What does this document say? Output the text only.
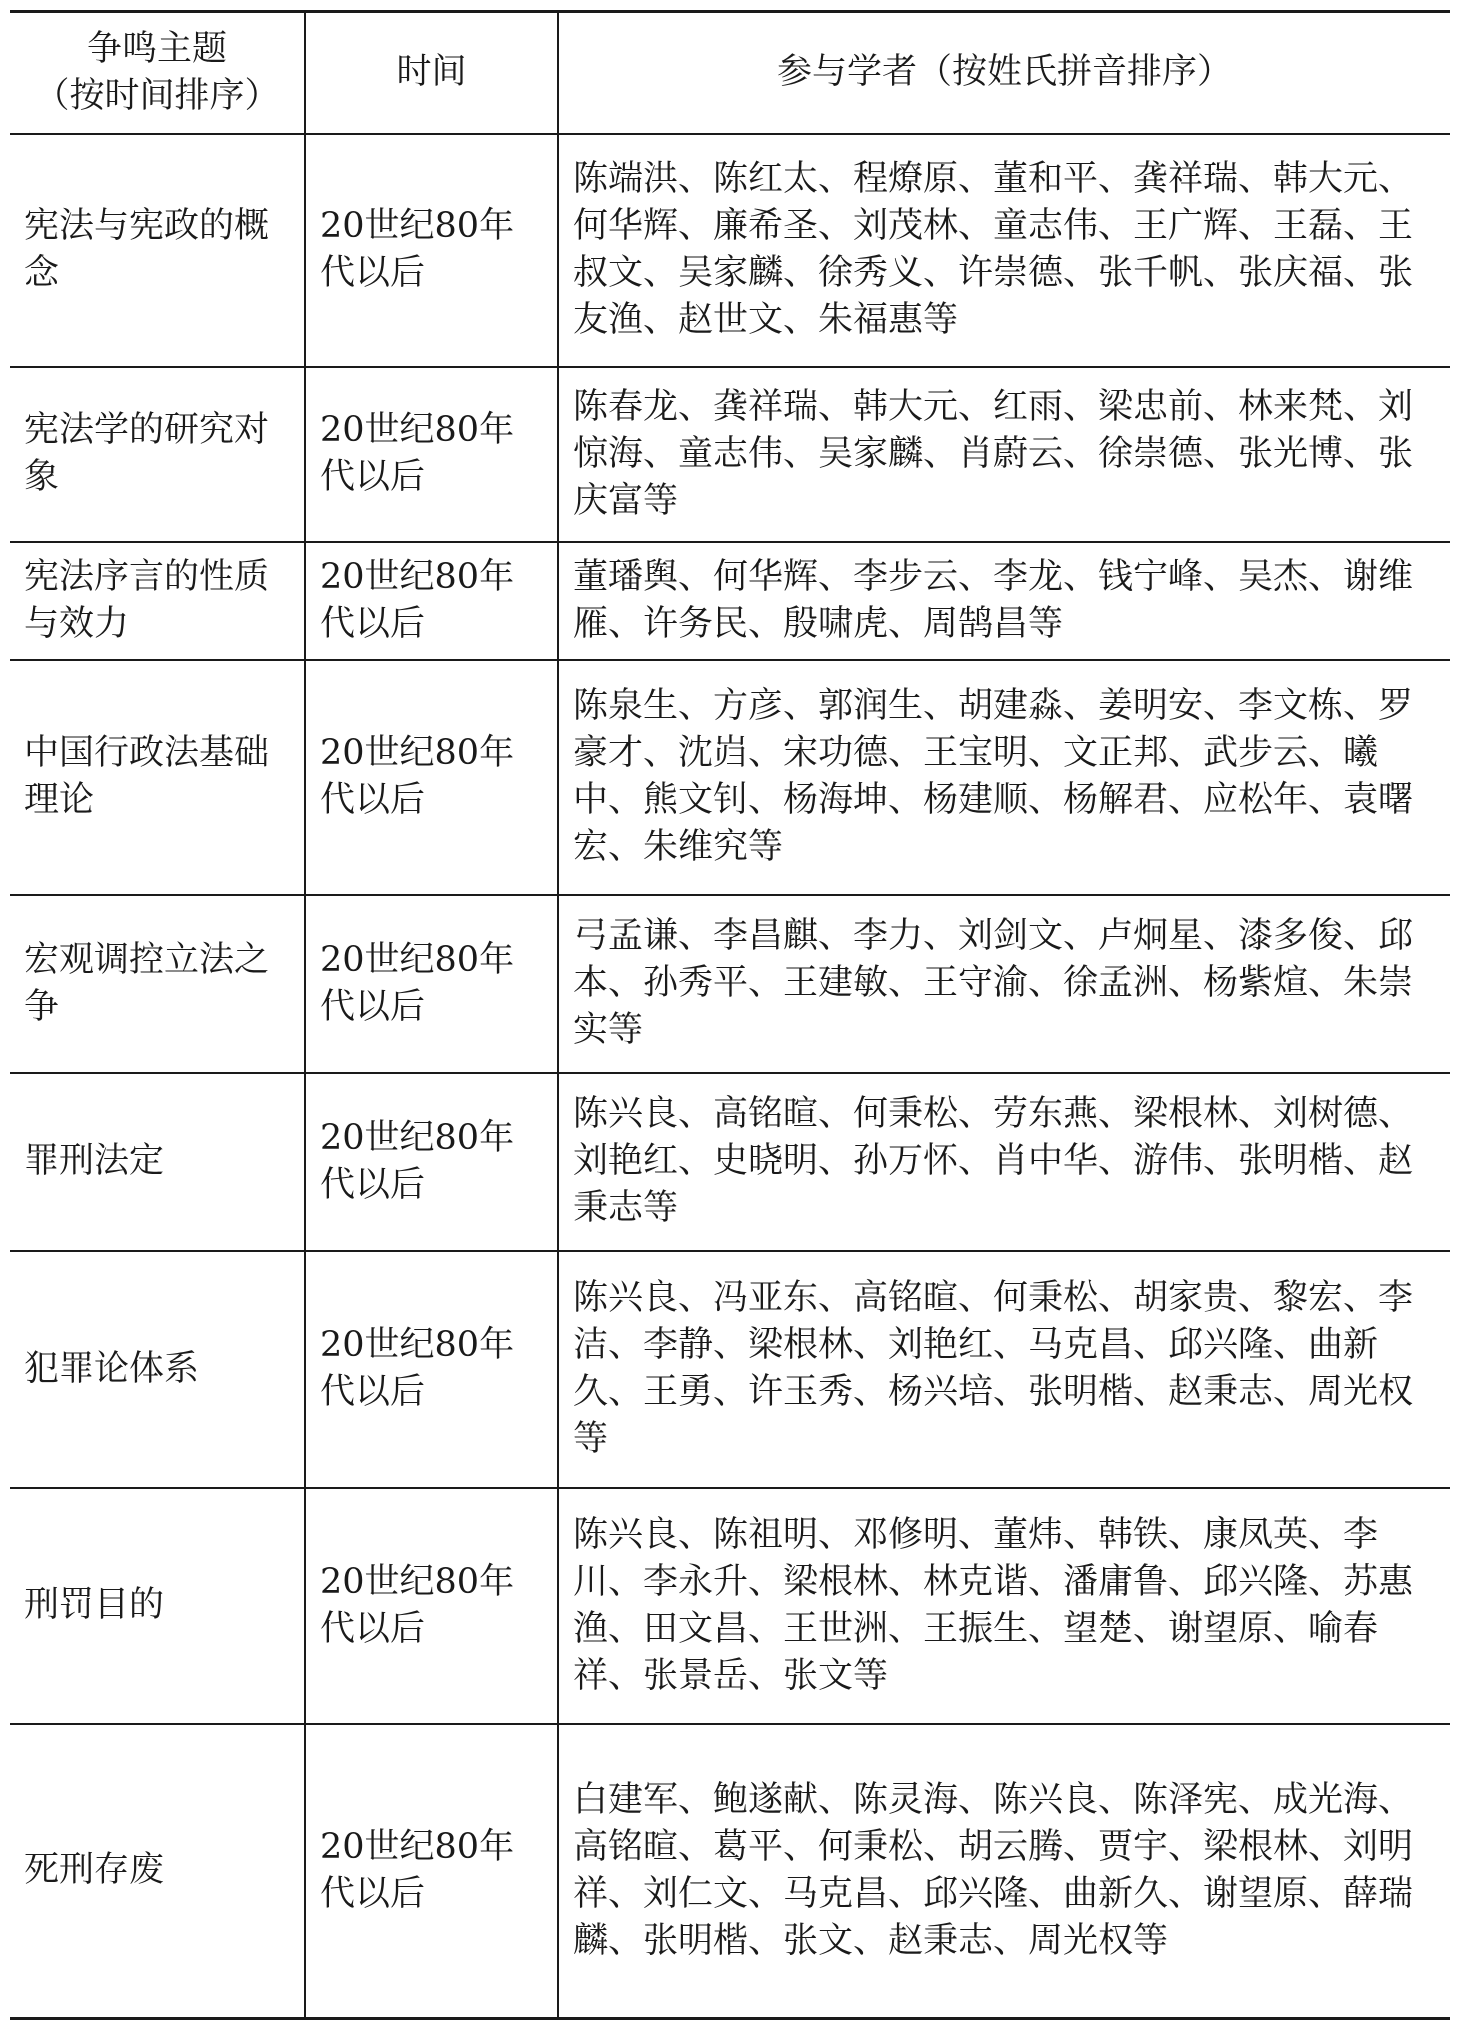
争鸣主题
（按时间排序）	时间	参与学者（按姓氏拼音排序）
宪法与宪政的概念	20世纪80年代以后	陈端洪、陈红太、程燎原、董和平、龚祥瑞、韩大元、何华辉、廉希圣、刘茂林、童志伟、王广辉、王磊、王叔文、吴家麟、徐秀义、许崇德、张千帆、张庆福、张友渔、赵世文、朱福惠等
宪法学的研究对象	20世纪80年代以后	陈春龙、龚祥瑞、韩大元、红雨、梁忠前、林来梵、刘惊海、童志伟、吴家麟、肖蔚云、徐崇德、张光博、张庆富等
宪法序言的性质与效力	20世纪80年代以后	董璠舆、何华辉、李步云、李龙、钱宁峰、吴杰、谢维雁、许务民、殷啸虎、周鹄昌等
中国行政法基础理论	20世纪80年代以后	陈泉生、方彦、郭润生、胡建淼、姜明安、李文栋、罗豪才、沈岿、宋功德、王宝明、文正邦、武步云、曦中、熊文钊、杨海坤、杨建顺、杨解君、应松年、袁曙宏、朱维究等
宏观调控立法之争	20世纪80年代以后	弓孟谦、李昌麒、李力、刘剑文、卢炯星、漆多俊、邱本、孙秀平、王建敏、王守渝、徐孟洲、杨紫煊、朱崇实等
罪刑法定	20世纪80年代以后	陈兴良、高铭暄、何秉松、劳东燕、梁根林、刘树德、刘艳红、史晓明、孙万怀、肖中华、游伟、张明楷、赵秉志等
犯罪论体系	20世纪80年代以后	陈兴良、冯亚东、高铭暄、何秉松、胡家贵、黎宏、李洁、李静、梁根林、刘艳红、马克昌、邱兴隆、曲新久、王勇、许玉秀、杨兴培、张明楷、赵秉志、周光权等
刑罚目的	20世纪80年代以后	陈兴良、陈祖明、邓修明、董炜、韩铁、康凤英、李川、李永升、梁根林、林克谐、潘庸鲁、邱兴隆、苏惠渔、田文昌、王世洲、王振生、望楚、谢望原、喻春祥、张景岳、张文等
死刑存废	20世纪80年代以后	白建军、鲍遂献、陈灵海、陈兴良、陈泽宪、成光海、高铭暄、葛平、何秉松、胡云腾、贾宇、梁根林、刘明祥、刘仁文、马克昌、邱兴隆、曲新久、谢望原、薛瑞麟、张明楷、张文、赵秉志、周光权等
